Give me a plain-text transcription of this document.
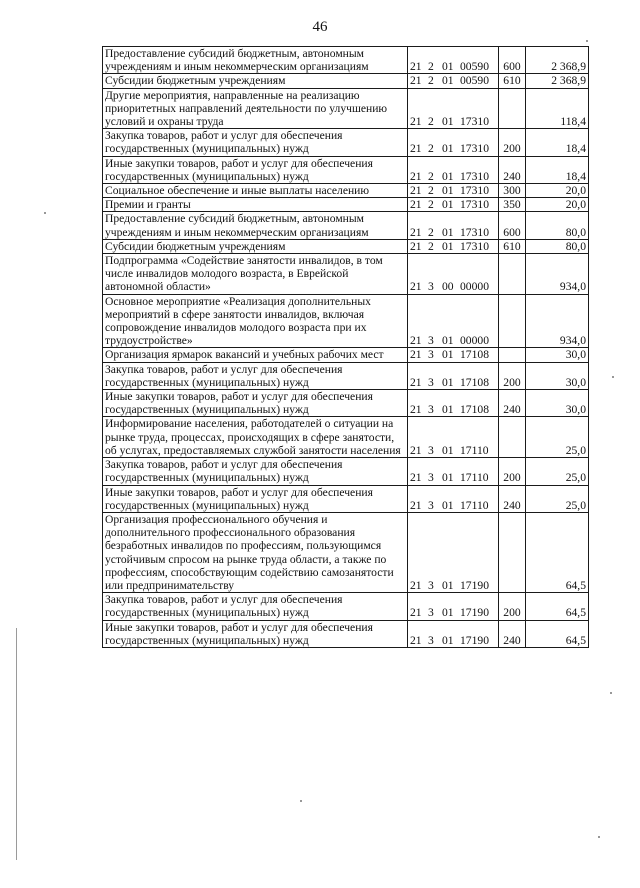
46
Предоставление субсидий бюджетным, автономным учреждениям и иным некоммерческим организациям	21 2 01 00590	600	2 368,9
Субсидии бюджетным учреждениям	21 2 01 00590	610	2 368,9
Другие мероприятия, направленные на реализацию приоритетных направлений деятельности по улучшению условий и охраны труда	21 2 01 17310		118,4
Закупка товаров, работ и услуг для обеспечения государственных (муниципальных) нужд	21 2 01 17310	200	18,4
Иные закупки товаров, работ и услуг для обеспечения государственных (муниципальных) нужд	21 2 01 17310	240	18,4
Социальное обеспечение и иные выплаты населению	21 2 01 17310	300	20,0
Премии и гранты	21 2 01 17310	350	20,0
Предоставление субсидий бюджетным, автономным учреждениям и иным некоммерческим организациям	21 2 01 17310	600	80,0
Субсидии бюджетным учреждениям	21 2 01 17310	610	80,0
Подпрограмма «Содействие занятости инвалидов, в том числе инвалидов молодого возраста, в Еврейской автономной области»	21 3 00 00000		934,0
Основное мероприятие «Реализация дополнительных мероприятий в сфере занятости инвалидов, включая сопровождение инвалидов молодого возраста при их трудоустройстве»	21 3 01 00000		934,0
Организация ярмарок вакансий и учебных рабочих мест	21 3 01 17108		30,0
Закупка товаров, работ и услуг для обеспечения государственных (муниципальных) нужд	21 3 01 17108	200	30,0
Иные закупки товаров, работ и услуг для обеспечения государственных (муниципальных) нужд	21 3 01 17108	240	30,0
Информирование населения, работодателей о ситуации на рынке труда, процессах, происходящих в сфере занятости, об услугах, предоставляемых службой занятости населения	21 3 01 17110		25,0
Закупка товаров, работ и услуг для обеспечения государственных (муниципальных) нужд	21 3 01 17110	200	25,0
Иные закупки товаров, работ и услуг для обеспечения государственных (муниципальных) нужд	21 3 01 17110	240	25,0
Организация профессионального обучения и дополнительного профессионального образования безработных инвалидов по профессиям, пользующимся устойчивым спросом на рынке труда области, а также по профессиям, способствующим содействию самозанятости или предпринимательству	21 3 01 17190		64,5
Закупка товаров, работ и услуг для обеспечения государственных (муниципальных) нужд	21 3 01 17190	200	64,5
Иные закупки товаров, работ и услуг для обеспечения государственных (муниципальных) нужд	21 3 01 17190	240	64,5
